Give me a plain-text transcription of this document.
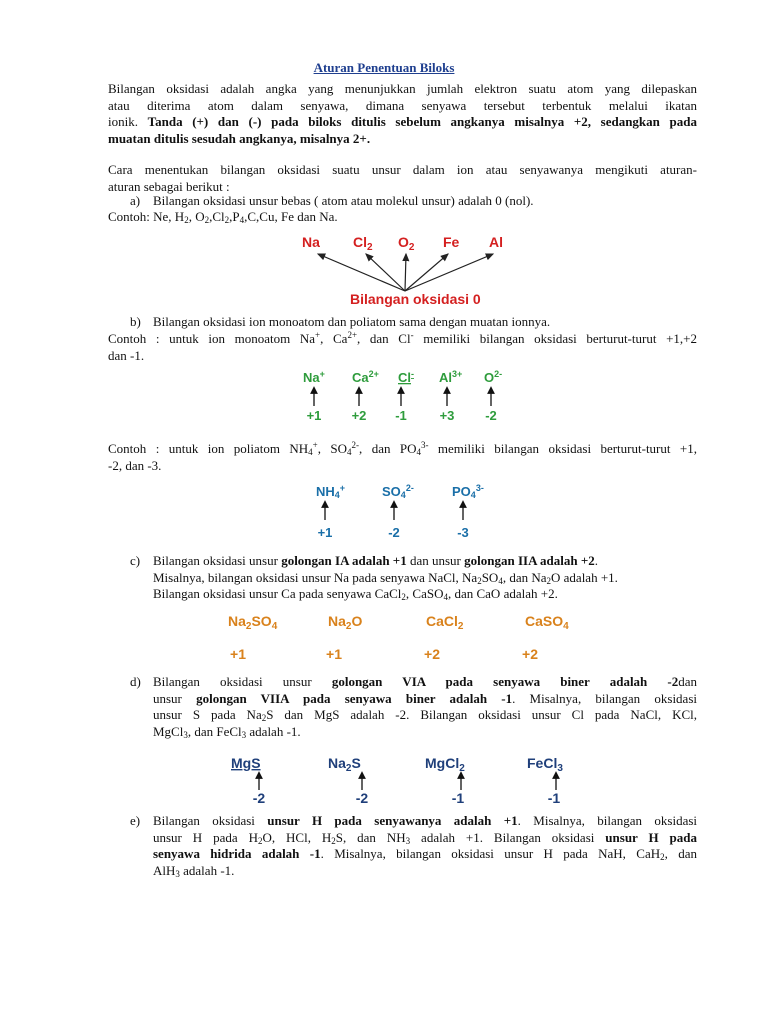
Aturan Penentuan Biloks
Bilangan oksidasi adalah angka yang menunjukkan jumlah elektron suatu atom yang dilepaskan
atau diterima atom dalam senyawa, dimana senyawa tersebut terbentuk melalui ikatan
ionik. Tanda (+) dan (-) pada biloks ditulis sebelum angkanya misalnya +2, sedangkan pada
muatan ditulis sesudah angkanya, misalnya 2+.
Cara menentukan bilangan oksidasi suatu unsur dalam ion atau senyawanya mengikuti aturan-
aturan sebagai berikut :
a) Bilangan oksidasi unsur bebas ( atom atau molekul unsur) adalah 0 (nol).
Contoh: Ne, $H_2$, $O_2,Cl_2,P_4,C,Cu$, Fe dan Na.
Na $Cl_2$ $O_2$ Fe Al
Bilangan oksidasi 0
b) Bilangan oksidasi ion monoatom dan poliatom sama dengan muatan ionnya.
Contoh : untuk ion monoatom Na+, $Ca^{2+}$, dan Cl- memiliki bilangan oksidasi berturut-turut +1,+2
dan -1.
Na+ $Ca^{2+}$ Cl- $Al^{3+}$ $O^{2-}$
+1 +2 -1	+3 -2
Contoh : untuk ion poliatom $NH_4^+$, $SO_4^{2-}$, dan $PO_4^{3-}$ memiliki bilangan oksidasi berturut-turut +1,
-2, dan -3.
NH4+	$SO4^{2-}$	$PO4^{3-}$
+1	-2	-3
c) Bilangan oksidasi unsur golongan IA adalah +1 dan unsur golongan IIA adalah +2.
Misalnya, bilangan oksidasi unsur Na pada senyawa NaCl, $Na_2SO_4$, dan $Na_2O$ adalah +1.
Bilangan oksidasi unsur Ca pada senyawa CaCl$_2$, CaSO$_4$, dan CaO adalah +2.
$Na_2SO_4$	$Na_2O$	CaCl$_2$	CaSO$_4$
+1	+1	+2	+2
d) Bilangan oksidasi unsur golongan VIA pada senyawa biner adalah -2dan
unsur golongan VIIA pada senyawa biner adalah -1. Misalnya, bilangan oksidasi
unsur S pada $Na_2S$ dan MgS adalah -2. Bilangan oksidasi unsur Cl pada NaCl, KCl,
MgCl$_3$, dan FeCl$_3$ adalah -1.
MgS	$Na_2S$	MgCl$_2$	FeCl$_3$
-2	-2	-1	-1
e) Bilangan oksidasi unsur H pada senyawanya adalah +1. Misalnya, bilangan oksidasi
unsur H pada $H_2O$, HCl, $H_2S$, dan $NH_3$ adalah +1. Bilangan oksidasi unsur H pada
senyawa hidrida adalah -1. Misalnya, bilangan oksidasi unsur H pada NaH, CaH$_2$, dan
AlH$_3$ adalah -1.
